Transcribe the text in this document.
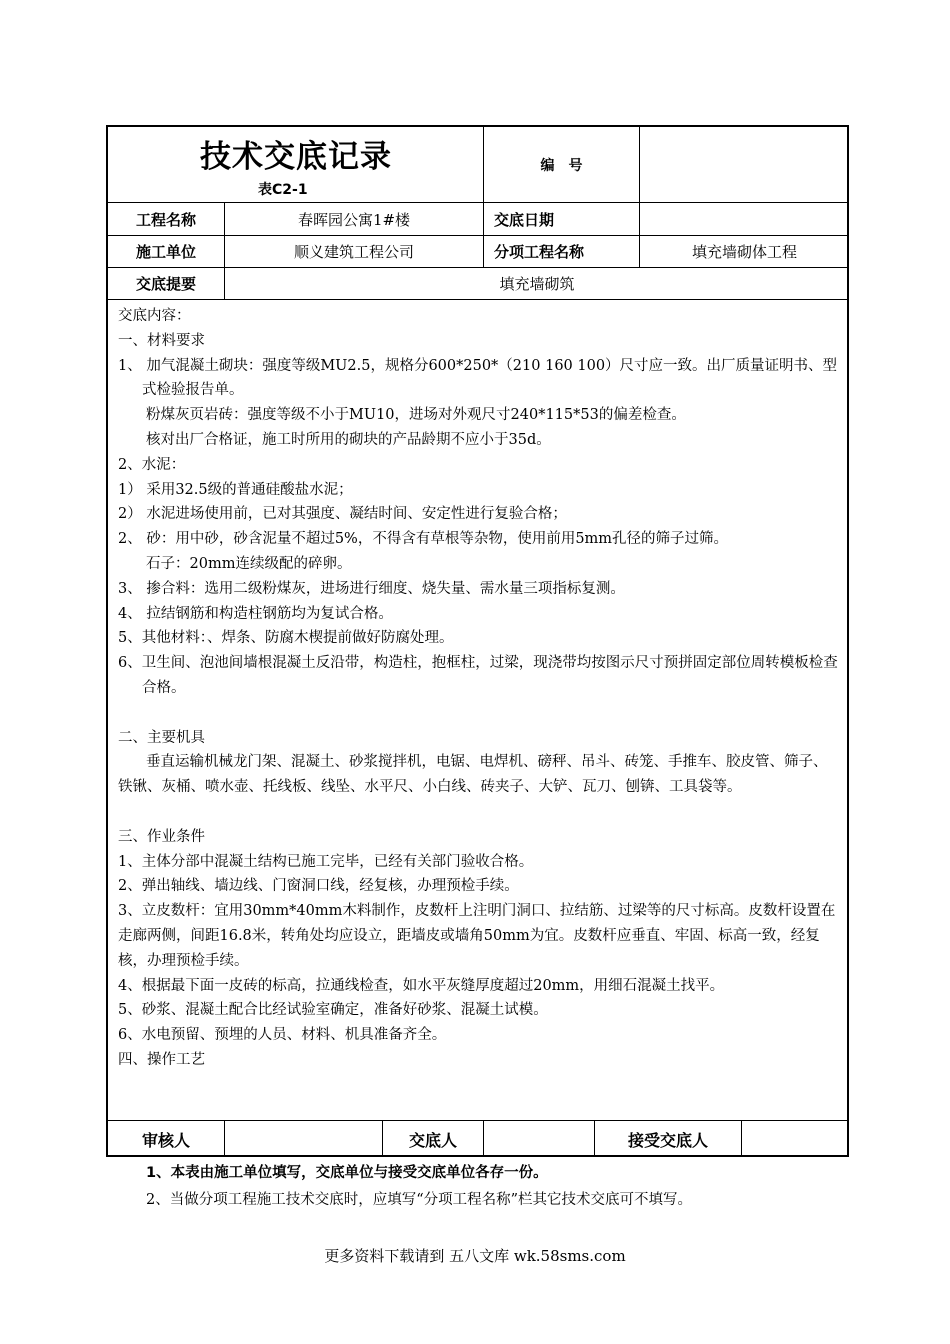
技术交底记录
表C2-1
编　号
工程名称	春晖园公寓1#楼	交底日期
施工单位	顺义建筑工程公司	分项工程名称	填充墙砌体工程
交底提要	填充墙砌筑

交底内容：

一、材料要求

1、 加气混凝土砌块：强度等级MU2.5，规格分600*250*（210 160 100）尺寸应一致。出厂质量证明书、型式检验报告单。

粉煤灰页岩砖：强度等级不小于MU10，进场对外观尺寸240*115*53的偏差检查。

核对出厂合格证，施工时所用的砌块的产品龄期不应小于35d。

2、水泥：

1） 采用32.5级的普通硅酸盐水泥；

2） 水泥进场使用前，已对其强度、凝结时间、安定性进行复验合格；

2、 砂：用中砂，砂含泥量不超过5%，不得含有草根等杂物，使用前用5mm孔径的筛子过筛。

石子：20mm连续级配的碎卵。

3、 掺合料：选用二级粉煤灰，进场进行细度、烧失量、需水量三项指标复测。

4、 拉结钢筋和构造柱钢筋均为复试合格。

5、其他材料：、焊条、防腐木楔提前做好防腐处理。

6、卫生间、泡池间墙根混凝土反沿带，构造柱，抱框柱，过梁，现浇带均按图示尺寸预拼固定部位周转模板检查合格。

二、主要机具

垂直运输机械龙门架、混凝土、砂浆搅拌机，电锯、电焊机、磅秤、吊斗、砖笼、手推车、胶皮管、筛子、铁锹、灰桶、喷水壶、托线板、线坠、水平尺、小白线、砖夹子、大铲、瓦刀、刨锛、工具袋等。

三、作业条件

1、主体分部中混凝土结构已施工完毕，已经有关部门验收合格。

2、弹出轴线、墙边线、门窗洞口线，经复核，办理预检手续。

3、立皮数杆：宜用30mm*40mm木料制作，皮数杆上注明门洞口、拉结筋、过梁等的尺寸标高。皮数杆设置在走廊两侧，间距16.8米，转角处均应设立，距墙皮或墙角50mm为宜。皮数杆应垂直、牢固、标高一致，经复核，办理预检手续。

4、根据最下面一皮砖的标高，拉通线检查，如水平灰缝厚度超过20mm，用细石混凝土找平。

5、砂浆、混凝土配合比经试验室确定，准备好砂浆、混凝土试模。

6、水电预留、预埋的人员、材料、机具准备齐全。

四、操作工艺

审核人	交底人	接受交底人

1、本表由施工单位填写，交底单位与接受交底单位各存一份。

2、当做分项工程施工技术交底时，应填写“分项工程名称”栏其它技术交底可不填写。

更多资料下载请到 五八文库 wk.58sms.com
